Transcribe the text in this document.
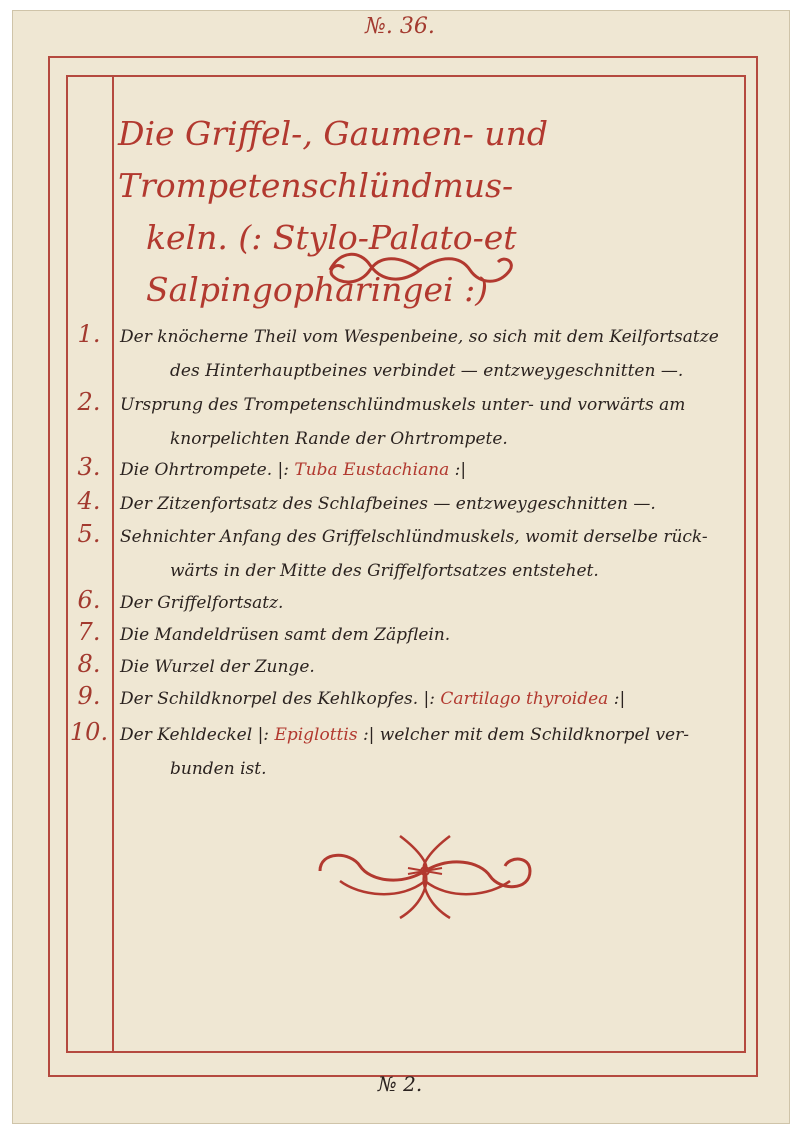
№. 36.
Die Griffel-, Gaumen- und Trompetenschlündmus-
keln. (: Stylo-Palato-et Salpingopharingei :)
1.	Der knöcherne Theil vom Wespenbeine, so sich mit dem Keilfortsatze
des Hinterhauptbeines verbindet — entzweygeschnitten —.
2.	Ursprung des Trompetenschlündmuskels unter- und vorwärts am
knorpelichten Rande der Ohrtrompete.
3.	Die Ohrtrompete. |: Tuba Eustachiana :|
4.	Der Zitzenfortsatz des Schlafbeines — entzweygeschnitten —.
5.	Sehnichter Anfang des Griffelschlündmuskels, womit derselbe rück-
wärts in der Mitte des Griffelfortsatzes entstehet.
6.	Der Griffelfortsatz.
7.	Die Mandeldrüsen samt dem Zäpflein.
8.	Die Wurzel der Zunge.
9.	Der Schildknorpel des Kehlkopfes. |: Cartilago thyroidea :|
10. Der Kehldeckel |: Epiglottis :| welcher mit dem Schildknorpel ver-
bunden ist.
№ 2.
